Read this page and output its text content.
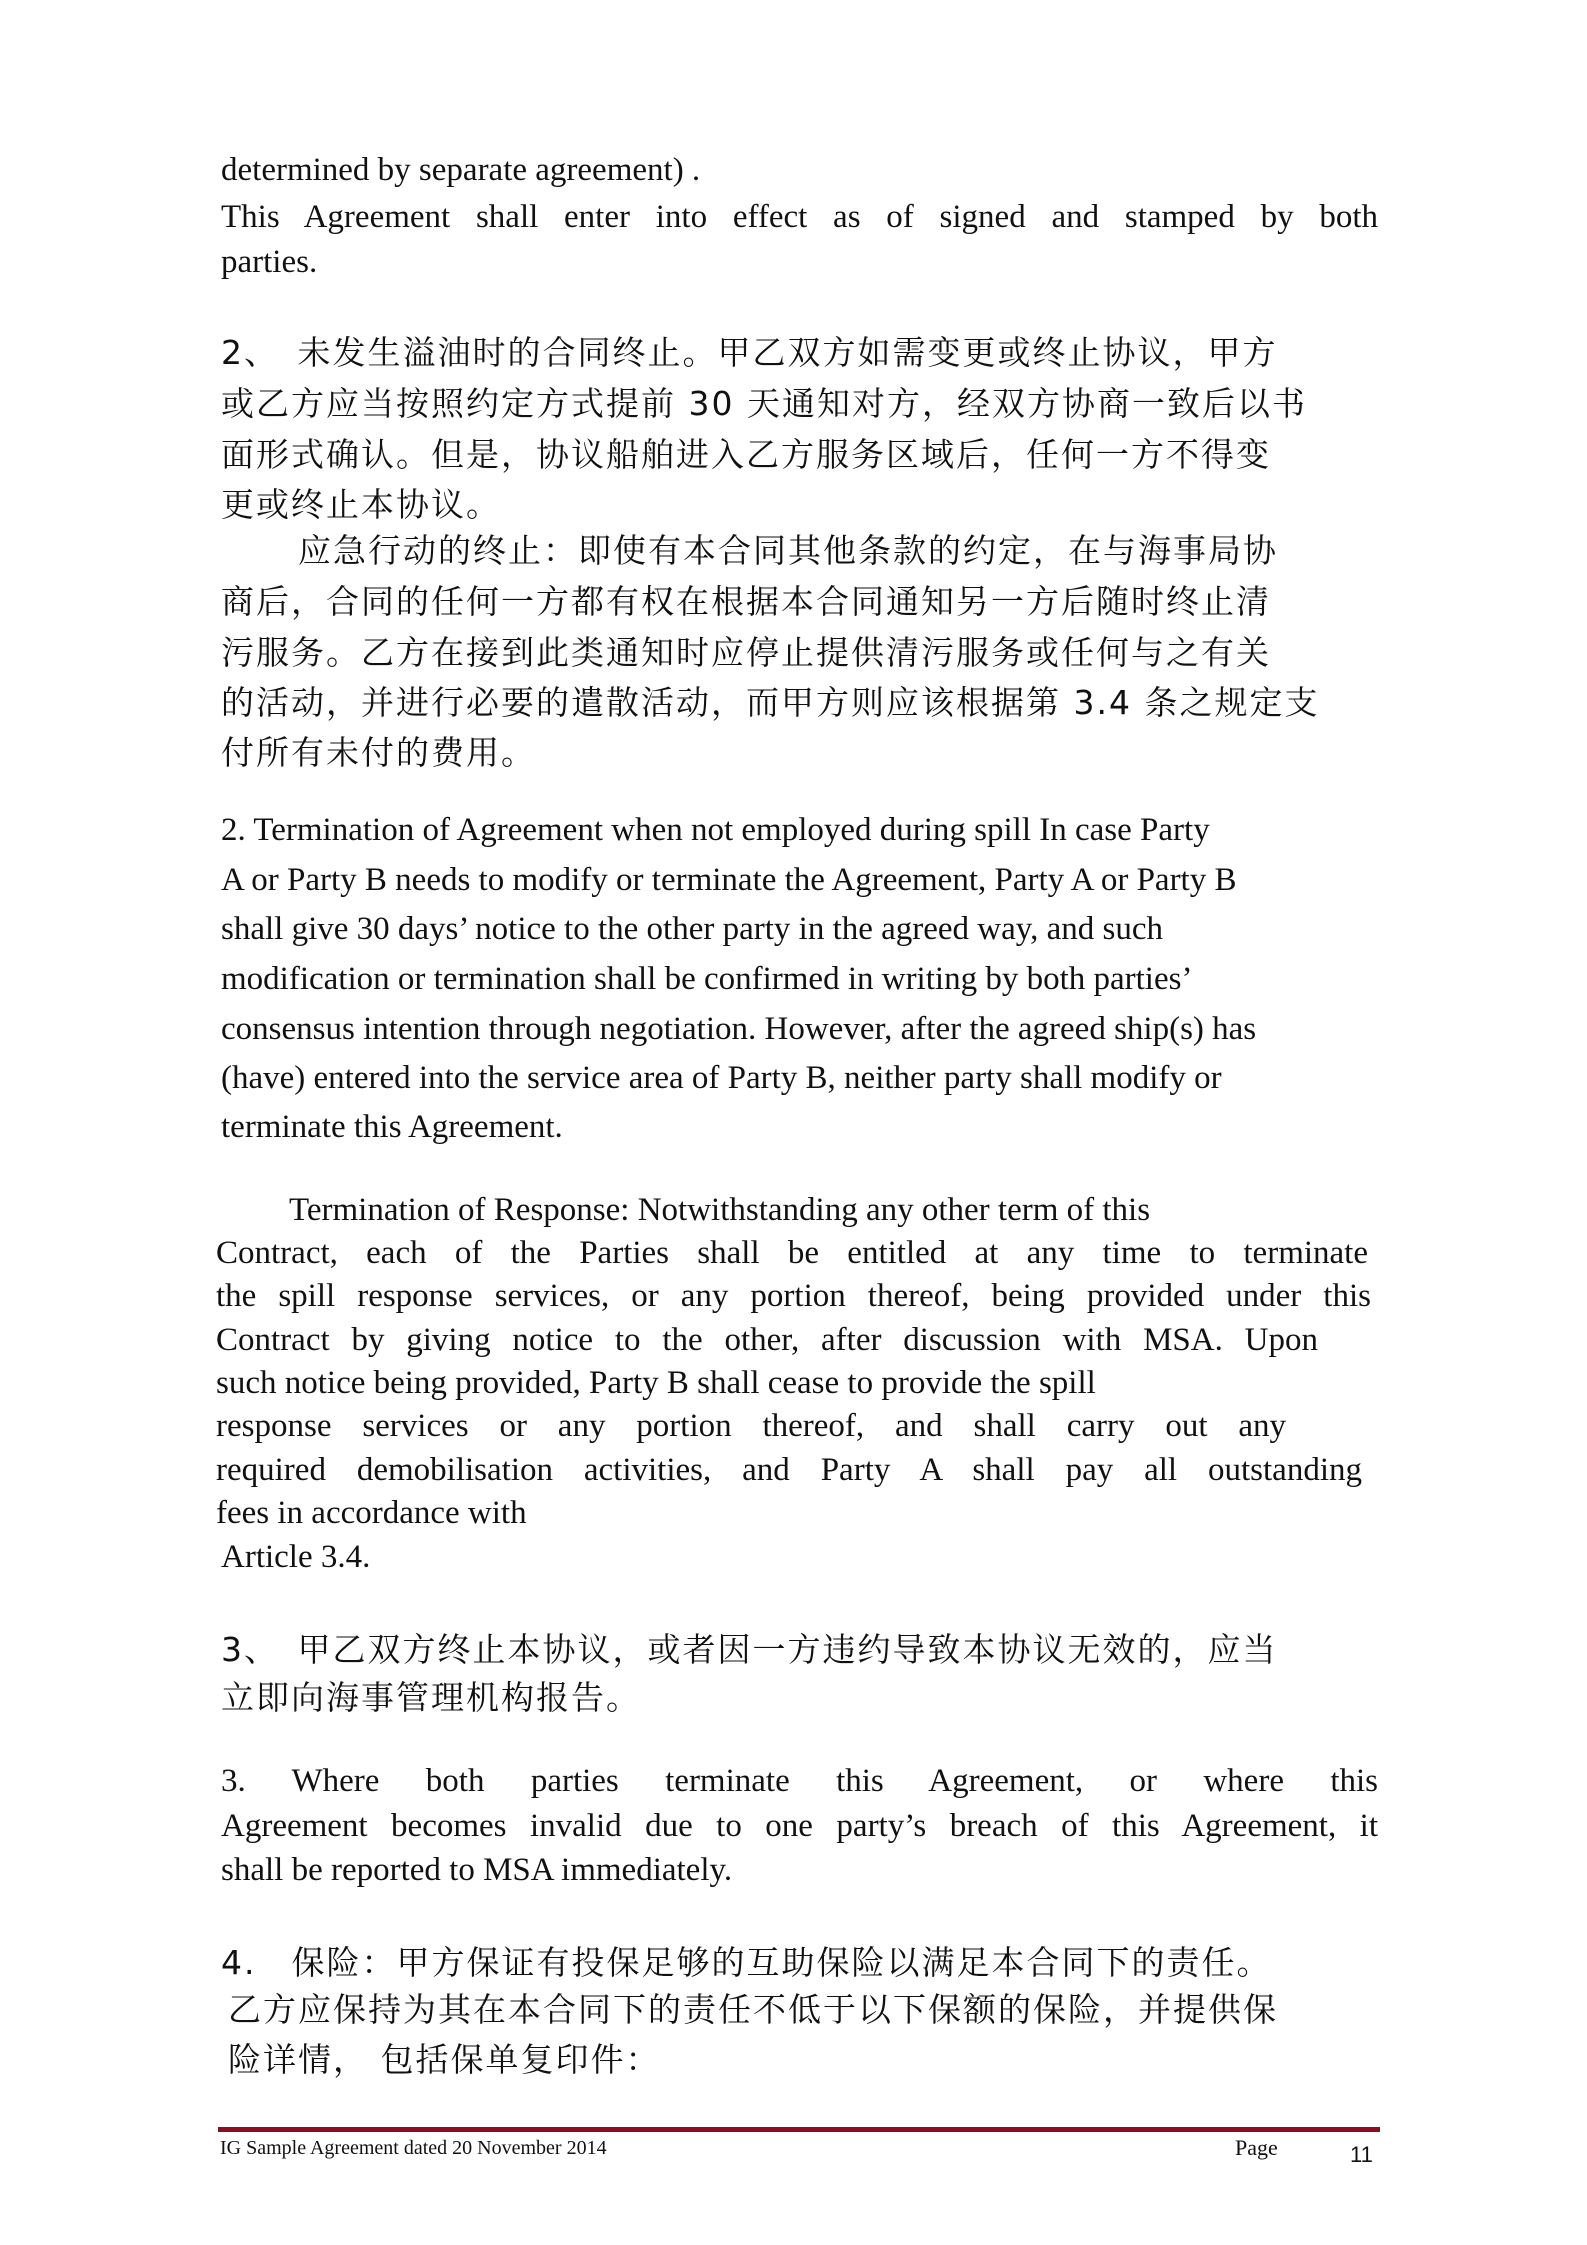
determined by separate agreement) .
This Agreement shall enter into effect as of signed and stamped by both
parties.
2、　未发生溢油时的合同终止。甲乙双方如需变更或终止协议，甲方
或乙方应当按照约定方式提前 30 天通知对方，经双方协商一致后以书
面形式确认。但是，协议船舶进入乙方服务区域后，任何一方不得变
更或终止本协议。
应急行动的终止：即使有本合同其他条款的约定，在与海事局协
商后，合同的任何一方都有权在根据本合同通知另一方后随时终止清
污服务。乙方在接到此类通知时应停止提供清污服务或任何与之有关
的活动，并进行必要的遣散活动，而甲方则应该根据第 3.4 条之规定支
付所有未付的费用。
2. Termination of Agreement when not employed during spill In case Party
A or Party B needs to modify or terminate the Agreement, Party A or Party B
shall give 30 days’ notice to the other party in the agreed way, and such
modification or termination shall be confirmed in writing by both parties’
consensus intention through negotiation. However, after the agreed ship(s) has
(have) entered into the service area of Party B, neither party shall modify or
terminate this Agreement.
Termination of Response: Notwithstanding any other term of this
Contract, each of the Parties shall be entitled at any time to terminate
the spill response services, or any portion thereof, being provided under this
Contract by giving notice to the other, after discussion with MSA. Upon
such notice being provided, Party B shall cease to provide the spill
response services or any portion thereof, and shall carry out any
required demobilisation activities, and Party A shall pay all outstanding
fees in accordance with
Article 3.4.
3、　甲乙双方终止本协议，或者因一方违约导致本协议无效的，应当
立即向海事管理机构报告。
3. Where both parties terminate this Agreement, or where this
Agreement becomes invalid due to one party’s breach of this Agreement, it
shall be reported to MSA immediately.
4.　保险：甲方保证有投保足够的互助保险以满足本合同下的责任。
乙方应保持为其在本合同下的责任不低于以下保额的保险，并提供保
险详情， 包括保单复印件：
IG Sample Agreement dated 20 November 2014	Page	11
